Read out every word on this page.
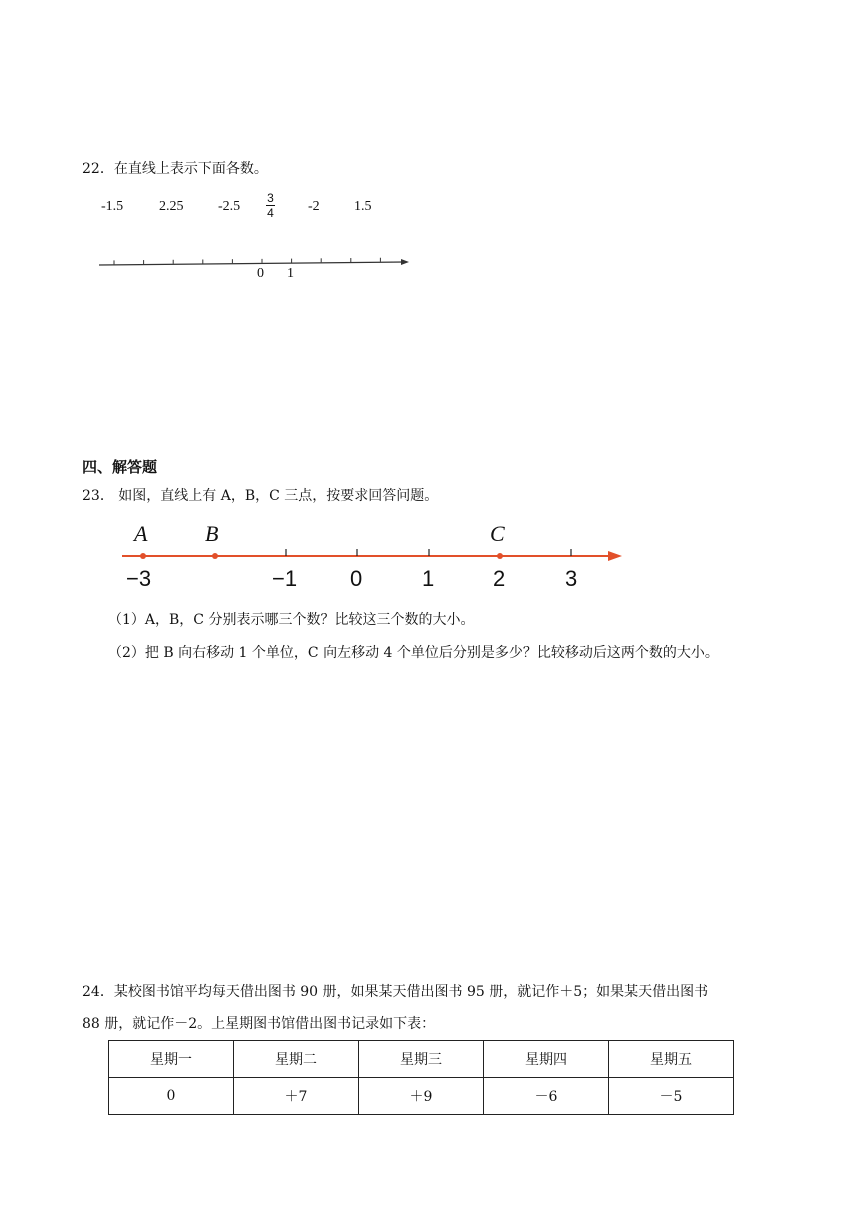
22．在直线上表示下面各数。
-1.5	2.25 -2.5
3
4 -2 1.5
0 1
四、解答题
23． 如图，直线上有 A，B，C 三点，按要求回答问题。
A	B	C
−3	−1 0	1	2	3
（1）A，B，C 分别表示哪三个数？比较这三个数的大小。
（2）把 B 向右移动 1 个单位，C 向左移动 4 个单位后分别是多少？比较移动后这两个数的大小。
24．某校图书馆平均每天借出图书 90 册，如果某天借出图书 95 册，就记作＋5；如果某天借出图书
88 册，就记作－2。上星期图书馆借出图书记录如下表：
星期一	星期二	星期三	星期四	星期五
0	＋7	＋9	－6	－5
